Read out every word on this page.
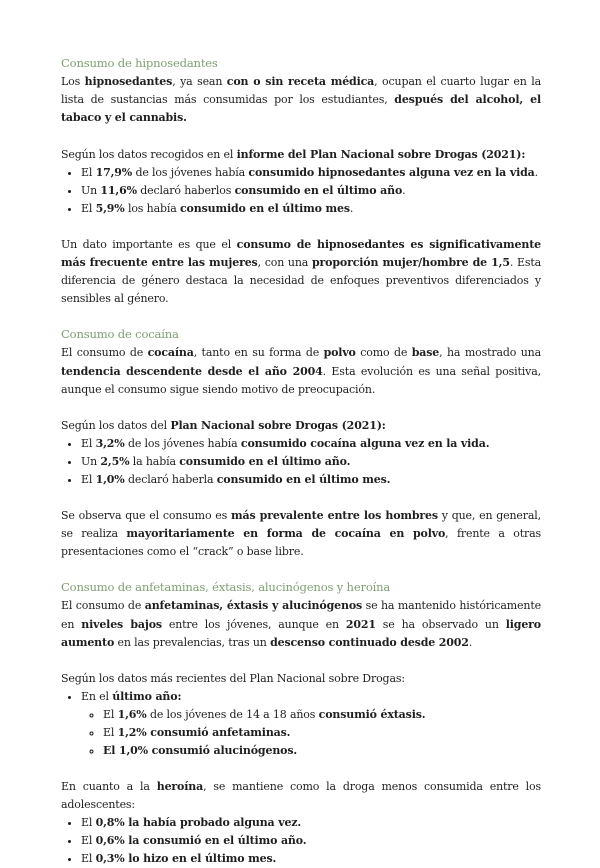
Consumo de hipnosedantes

Los hipnosedantes, ya sean con o sin receta médica, ocupan el cuarto lugar en la lista de sustancias más consumidas por los estudiantes, después del alcohol, el tabaco y el cannabis.

Según los datos recogidos en el informe del Plan Nacional sobre Drogas (2021):

• El 17,9% de los jóvenes había consumido hipnosedantes alguna vez en la vida.
• Un 11,6% declaró haberlos consumido en el último año.
• El 5,9% los había consumido en el último mes.

Un dato importante es que el consumo de hipnosedantes es significativamente más frecuente entre las mujeres, con una proporción mujer/hombre de 1,5. Esta diferencia de género destaca la necesidad de enfoques preventivos diferenciados y sensibles al género.

Consumo de cocaína

El consumo de cocaína, tanto en su forma de polvo como de base, ha mostrado una tendencia descendente desde el año 2004. Esta evolución es una señal positiva, aunque el consumo sigue siendo motivo de preocupación.

Según los datos del Plan Nacional sobre Drogas (2021):

• El 3,2% de los jóvenes había consumido cocaína alguna vez en la vida.
• Un 2,5% la había consumido en el último año.
• El 1,0% declaró haberla consumido en el último mes.

Se observa que el consumo es más prevalente entre los hombres y que, en general, se realiza mayoritariamente en forma de cocaína en polvo, frente a otras presentaciones como el “crack” o base libre.

Consumo de anfetaminas, éxtasis, alucinógenos y heroína

El consumo de anfetaminas, éxtasis y alucinógenos se ha mantenido históricamente en niveles bajos entre los jóvenes, aunque en 2021 se ha observado un ligero aumento en las prevalencias, tras un descenso continuado desde 2002.

Según los datos más recientes del Plan Nacional sobre Drogas:

• En el último año:
◦ El 1,6% de los jóvenes de 14 a 18 años consumió éxtasis.
◦ El 1,2% consumió anfetaminas.
◦ El 1,0% consumió alucinógenos.

En cuanto a la heroína, se mantiene como la droga menos consumida entre los adolescentes:

• El 0,8% la había probado alguna vez.
• El 0,6% la consumió en el último año.
• El 0,3% lo hizo en el último mes.
